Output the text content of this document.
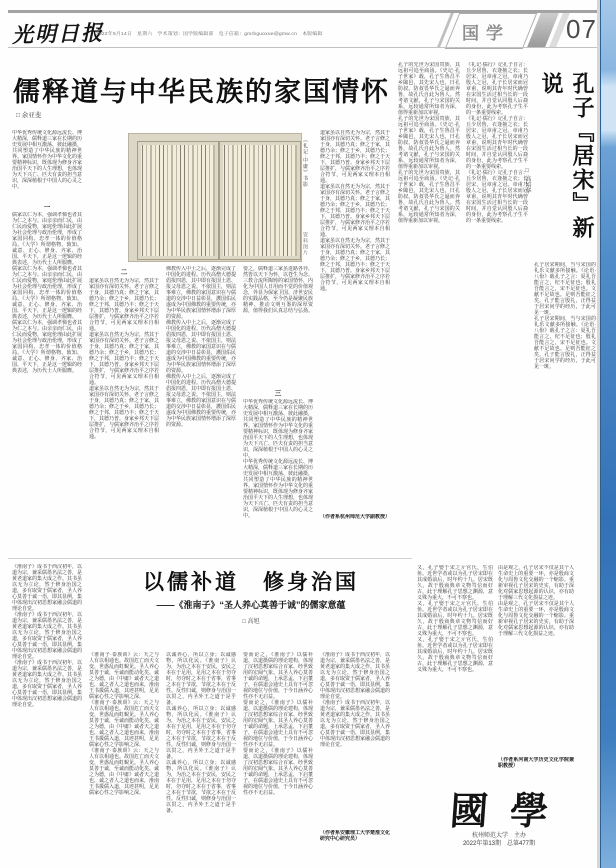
光明日报
2022年5月14日　星期六　学术策划：国学版编辑部　电子信箱：gmrbguoxue@gmw.cn　本版编辑	国学 07
儒释道与中华民族的家国情怀
□ 余亚斐
《礼记·中庸》书影
资料图片
中华优秀传统文化源远流长、博大精深，儒释道三家在长期的历史发展中相互激荡、彼此融摄，共同塑造了中华民族的精神世界。家国情怀作为中华文化的重要精神标识，既体现为修身齐家治国平天下的人生理想，也体现为天下兴亡、匹夫有责的担当意识，深深植根于中国人的心灵之中。
一
儒家以仁为本，强调孝悌也者其为仁之本与。由亲亲而仁民，由仁民而爱物，家庭伦理由此扩展为社会伦理与政治伦理，形成了家国同构、忠孝一体的价值格局。《大学》所谓格物、致知、诚意、正心、修身、齐家、治国、平天下，正是这一逻辑的经典表述，为历代士人所服膺。
儒家以仁为本，强调孝悌也者其为仁之本与。由亲亲而仁民，由仁民而爱物，家庭伦理由此扩展为社会伦理与政治伦理，形成了家国同构、忠孝一体的价值格局。《大学》所谓格物、致知、诚意、正心、修身、齐家、治国、平天下，正是这一逻辑的经典表述，为历代士人所服膺。
儒家以仁为本，强调孝悌也者其为仁之本与。由亲亲而仁民，由仁民而爱物，家庭伦理由此扩展为社会伦理与政治伦理，形成了家国同构、忠孝一体的价值格局。《大学》所谓格物、致知、诚意、正心、修身、齐家、治国、平天下，正是这一逻辑的经典表述，为历代士人所服膺。
二
道家虽以自然无为为宗，然其于家国亦有深切关怀。老子言修之于身，其德乃真；修之于家，其德乃余；修之于乡，其德乃长；修之于邦，其德乃丰；修之于天下，其德乃普。身家乡邦天下层层推扩，与儒家修齐治平之序若合符节，可见两家义理本自相通。
道家虽以自然无为为宗，然其于家国亦有深切关怀。老子言修之于身，其德乃真；修之于家，其德乃余；修之于乡，其德乃长；修之于邦，其德乃丰；修之于天下，其德乃普。身家乡邦天下层层推扩，与儒家修齐治平之序若合符节，可见两家义理本自相通。
道家虽以自然无为为宗，然其于家国亦有深切关怀。老子言修之于身，其德乃真；修之于家，其德乃余；修之于乡，其德乃长；修之于邦，其德乃丰；修之于天下，其德乃普。身家乡邦天下层层推扩，与儒家修齐治平之序若合符节，可见两家义理本自相通。
佛教传入中土之后，逐渐完成了中国化的进程。历代高僧大德提倡报四恩，其中即有报国土恩、报父母恩之说。不依国主，则法事难立，佛教的家国意识在与儒道的交涉中日益彰显，護国佑民遂成为中国佛教的重要传统，亦为中华民族家国情怀增添了深厚的资源。
佛教传入中土之后，逐渐完成了中国化的进程。历代高僧大德提倡报四恩，其中即有报国土恩、报父母恩之说。不依国主，则法事难立，佛教的家国意识在与儒道的交涉中日益彰显，護国佑民遂成为中国佛教的重要传统，亦为中华民族家国情怀增添了深厚的资源。
佛教传入中土之后，逐渐完成了中国化的进程。历代高僧大德提倡报四恩，其中即有报国土恩、报父母恩之说。不依国主，则法事难立，佛教的家国意识在与儒道的交涉中日益彰显，護国佑民遂成为中国佛教的重要传统，亦为中华民族家国情怀增添了深厚的资源。
要之，儒释道三家虽进路各异，然皆以天下为怀，以苍生为念。三教合流所陶铸的家国情怀，内化为中国人日用而不觉的价值观念，外显为保家卫国、济世安民的实践品格，至今仍是凝聚民族精神、推动文明互鉴的深厚资源，值得我们认真总结与弘扬。
三
中华优秀传统文化源远流长、博大精深，儒释道三家在长期的历史发展中相互激荡、彼此融摄，共同塑造了中华民族的精神世界。家国情怀作为中华文化的重要精神标识，既体现为修身齐家治国平天下的人生理想，也体现为天下兴亡、匹夫有责的担当意识，深深植根于中国人的心灵之中。
中华优秀传统文化源远流长、博大精深，儒释道三家在长期的历史发展中相互激荡、彼此融摄，共同塑造了中华民族的精神世界。家国情怀作为中华文化的重要精神标识，既体现为修身齐家治国平天下的人生理想，也体现为天下兴亡、匹夫有责的担当意识，深深植根于中国人的心灵之中。
道家虽以自然无为为宗，然其于家国亦有深切关怀。老子言修之于身，其德乃真；修之于家，其德乃余；修之于乡，其德乃长；修之于邦，其德乃丰；修之于天下，其德乃普。身家乡邦天下层层推扩，与儒家修齐治平之序若合符节，可见两家义理本自相通。
道家虽以自然无为为宗，然其于家国亦有深切关怀。老子言修之于身，其德乃真；修之于家，其德乃余；修之于乡，其德乃长；修之于邦，其德乃丰；修之于天下，其德乃普。身家乡邦天下层层推扩，与儒家修齐治平之序若合符节，可见两家义理本自相通。
道家虽以自然无为为宗，然其于家国亦有深切关怀。老子言修之于身，其德乃真；修之于家，其德乃余；修之于乡，其德乃长；修之于邦，其德乃丰；修之于天下，其德乃普。身家乡邦天下层层推扩，与儒家修齐治平之序若合符节，可见两家义理本自相通。
（作者系杭州师范大学副教授）
孔子『居宋』新说
□ 高培华
孔子的先世为宋国贵族，其远祖可追至商汤。《史记·孔子世家》载，孔子生鲁昌平乡陬邑，其先宋人也，曰孔防叔。防叔畏华氏之逼而奔鲁，故孔氏自此为鲁人。然考诸文献，孔子与宋国的关系，远较通常所知者为深，值得重新加以审视。
孔子的先世为宋国贵族，其远祖可追至商汤。《史记·孔子世家》载，孔子生鲁昌平乡陬邑，其先宋人也，曰孔防叔。防叔畏华氏之逼而奔鲁，故孔氏自此为鲁人。然考诸文献，孔子与宋国的关系，远较通常所知者为深，值得重新加以审视。
孔子的先世为宋国贵族，其远祖可追至商汤。《史记·孔子世家》载，孔子生鲁昌平乡陬邑，其先宋人也，曰孔防叔。防叔畏华氏之逼而奔鲁，故孔氏自此为鲁人。然考诸文献，孔子与宋国的关系，远较通常所知者为深，值得重新加以审视。
《礼记·儒行》记孔子自言：丘少居鲁，衣逢掖之衣；长居宋，冠章甫之冠。章甫乃殷人之冠，孔子长居宋而冠章甫，说明其青年时代确曾在宋国生活过相当长的一段时间，并自觉认同殷人后裔的身份，此为考察孔子生平的一条重要线索。
《礼记·儒行》记孔子自言：丘少居鲁，衣逢掖之衣；长居宋，冠章甫之冠。章甫乃殷人之冠，孔子长居宋而冠章甫，说明其青年时代确曾在宋国生活过相当长的一段时间，并自觉认同殷人后裔的身份，此为考察孔子生平的一条重要线索。
《礼记·儒行》记孔子自言：丘少居鲁，衣逢掖之衣；长居宋，冠章甫之冠。章甫乃殷人之冠，孔子长居宋而冠章甫，说明其青年时代确曾在宋国生活过相当长的一段时间，并自觉认同殷人后裔的身份，此为考察孔子生平的一条重要线索。
孔子居宋期间，当与宋国的礼乐文献多所接触。《论语·八佾》载孔子之言：夏礼吾能言之，杞不足征也；殷礼吾能言之，宋不足征也。文献不足故也。足则吾能征之矣。孔子能言殷礼，正得益于居宋问学的经历，于此可见一斑。
孔子居宋期间，当与宋国的礼乐文献多所接触。《论语·八佾》载孔子之言：夏礼吾能言之，杞不足征也；殷礼吾能言之，宋不足征也。文献不足故也。足则吾能征之矣。孔子能言殷礼，正得益于居宋问学的经历，于此可见一斑。
又，孔子娶于宋之亓官氏，生伯鱼。近世学者或以为孔子居宋即在其成婚前后，时年约十九。居宋既久，故于殷商典章文物笃信而好古，此于理解孔子思想之渊源，意义殊为重大，不可不察也。
又，孔子娶于宋之亓官氏，生伯鱼。近世学者或以为孔子居宋即在其成婚前后，时年约十九。居宋既久，故于殷商典章文物笃信而好古，此于理解孔子思想之渊源，意义殊为重大，不可不察也。
又，孔子娶于宋之亓官氏，生伯鱼。近世学者或以为孔子居宋即在其成婚前后，时年约十九。居宋既久，故于殷商典章文物笃信而好古，此于理解孔子思想之渊源，意义殊为重大，不可不察也。
由是观之，孔子居宋不仅是其个人生命史上的重要一环，亦是殷商文化与周鲁文化交融的一个缩影。重新审视孔子居宋的史实，有助于深化对儒家思想起源的认识，亦有助于理解三代文化损益之迹。
由是观之，孔子居宋不仅是其个人生命史上的重要一环，亦是殷商文化与周鲁文化交融的一个缩影。重新审视孔子居宋的史实，有助于深化对儒家思想起源的认识，亦有助于理解三代文化损益之迹。
（作者系河南大学历史文化学院兼职教授）
以儒补道　修身治国
——《淮南子》“圣人养心莫善于诚”的儒家意蕴
□ 高旭
《淮南子》成书于西汉初年，以道为宗，兼采儒墨名法之善，是黄老道家的集大成之作。其书虽以无为立论，然于修身治国之道，多有取资于儒家者，圣人养心莫善于诚一语，即其显例，集中体现出汉初思想家融会儒道的理论自觉。
《淮南子》成书于西汉初年，以道为宗，兼采儒墨名法之善，是黄老道家的集大成之作。其书虽以无为立论，然于修身治国之道，多有取资于儒家者，圣人养心莫善于诚一语，即其显例，集中体现出汉初思想家融会儒道的理论自觉。
《淮南子》成书于西汉初年，以道为宗，兼采儒墨名法之善，是黄老道家的集大成之作。其书虽以无为立论，然于修身治国之道，多有取资于儒家者，圣人养心莫善于诚一语，即其显例，集中体现出汉初思想家融会儒道的理论自觉。
《淮南子·泰族训》云：天之与人有以相通也。故国危亡而天文变，世惑乱而虹蜺见。圣人养心莫善于诚，至诚而能动化矣。诚之为德，由《中庸》诚者天之道也，诚之者人之道也而来，淮南王书援儒入道，其迹甚明，足见儒家心性之学影响之深。
《淮南子·泰族训》云：天之与人有以相通也。故国危亡而天文变，世惑乱而虹蜺见。圣人养心莫善于诚，至诚而能动化矣。诚之为德，由《中庸》诚者天之道也，诚之者人之道也而来，淮南王书援儒入道，其迹甚明，足见儒家心性之学影响之深。
《淮南子·泰族训》云：天之与人有以相通也。故国危亡而天文变，世惑乱而虹蜺见。圣人养心莫善于诚，至诚而能动化矣。诚之为德，由《中庸》诚者天之道也，诚之者人之道也而来，淮南王书援儒入道，其迹甚明，足见儒家心性之学影响之深。
以诚养心，所以立身；以诚感物，所以化民。《淮南子》认为，为治之本在于安民，安民之本在于足用，足用之本在于勿夺时，勿夺时之本在于省事，省事之本在于节欲，节欲之本在于反性。反性归诚，则修身与治国一以贯之，内圣外王之道于是乎备。
以诚养心，所以立身；以诚感物，所以化民。《淮南子》认为，为治之本在于安民，安民之本在于足用，足用之本在于勿夺时，勿夺时之本在于省事，省事之本在于节欲，节欲之本在于反性。反性归诚，则修身与治国一以贯之，内圣外王之道于是乎备。
以诚养心，所以立身；以诚感物，所以化民。《淮南子》认为，为治之本在于安民，安民之本在于足用，足用之本在于勿夺时，勿夺时之本在于省事，省事之本在于节欲，节欲之本在于反性。反性归诚，则修身与治国一以贯之，内圣外王之道于是乎备。
要而论之，《淮南子》以儒补道、以道摄儒的理论建构，体现了汉初思想家综合百家、经世致用的宏阔气象。其圣人养心莫善于诚的命题，上承思孟，下启董子，在儒道会通史上具有不可忽视的地位与价值，于今日涵养心性亦不无启益。
要而论之，《淮南子》以儒补道、以道摄儒的理论建构，体现了汉初思想家综合百家、经世致用的宏阔气象。其圣人养心莫善于诚的命题，上承思孟，下启董子，在儒道会通史上具有不可忽视的地位与价值，于今日涵养心性亦不无启益。
要而论之，《淮南子》以儒补道、以道摄儒的理论建构，体现了汉初思想家综合百家、经世致用的宏阔气象。其圣人养心莫善于诚的命题，上承思孟，下启董子，在儒道会通史上具有不可忽视的地位与价值，于今日涵养心性亦不无启益。
《淮南子》成书于西汉初年，以道为宗，兼采儒墨名法之善，是黄老道家的集大成之作。其书虽以无为立论，然于修身治国之道，多有取资于儒家者，圣人养心莫善于诚一语，即其显例，集中体现出汉初思想家融会儒道的理论自觉。
《淮南子》成书于西汉初年，以道为宗，兼采儒墨名法之善，是黄老道家的集大成之作。其书虽以无为立论，然于修身治国之道，多有取资于儒家者，圣人养心莫善于诚一语，即其显例，集中体现出汉初思想家融会儒道的理论自觉。
（作者系安徽理工大学楚淮文化研究中心研究员）
國學
杭州师范大学　主办
2022年第13期　总第477期
